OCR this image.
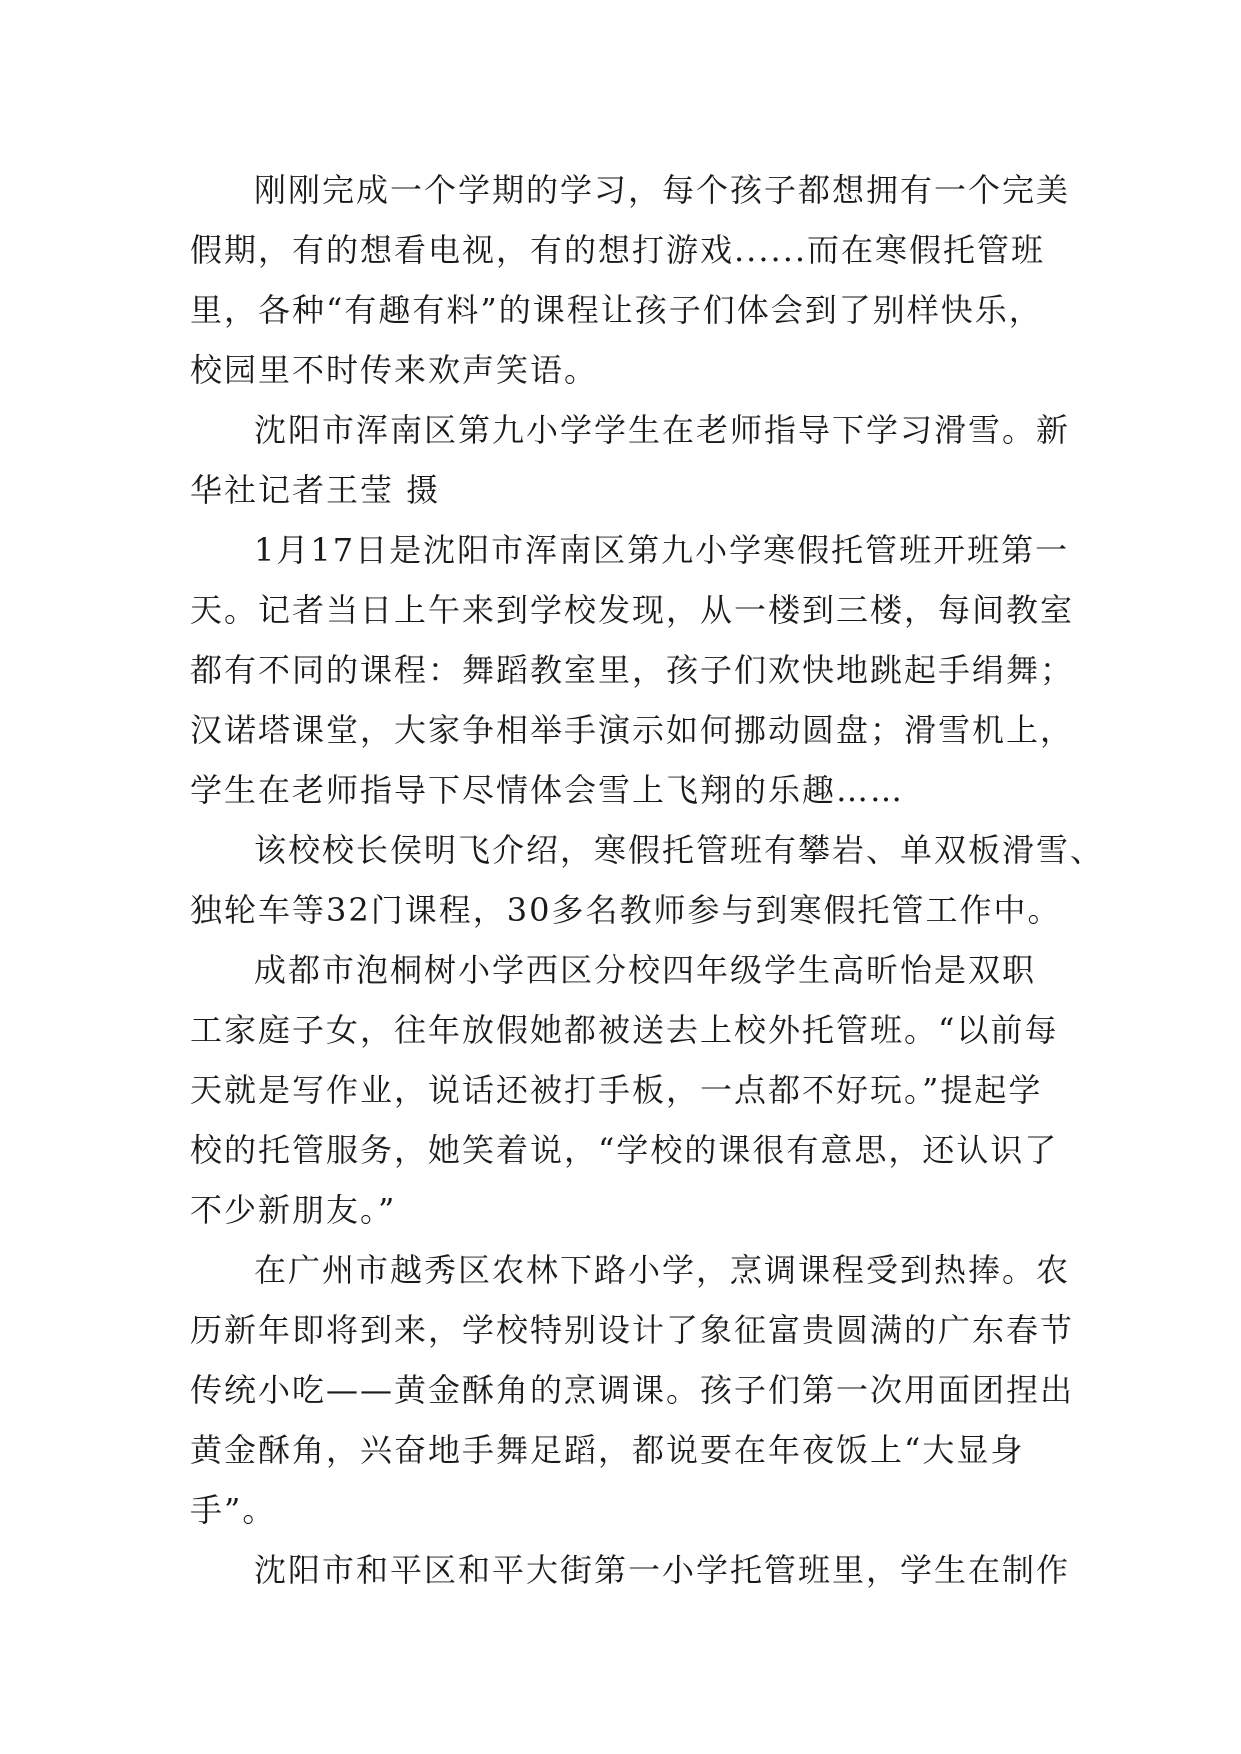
刚刚完成一个学期的学习，每个孩子都想拥有一个完美
假期，有的想看电视，有的想打游戏......而在寒假托管班
里，各种“有趣有料”的课程让孩子们体会到了别样快乐，
校园里不时传来欢声笑语。

沈阳市浑南区第九小学学生在老师指导下学习滑雪。新
华社记者王莹 摄

1月17日是沈阳市浑南区第九小学寒假托管班开班第一
天。记者当日上午来到学校发现，从一楼到三楼，每间教室
都有不同的课程：舞蹈教室里，孩子们欢快地跳起手绢舞；
汉诺塔课堂，大家争相举手演示如何挪动圆盘；滑雪机上，
学生在老师指导下尽情体会雪上飞翔的乐趣……

该校校长侯明飞介绍，寒假托管班有攀岩、单双板滑雪、
独轮车等32门课程，30多名教师参与到寒假托管工作中。

成都市泡桐树小学西区分校四年级学生高昕怡是双职
工家庭子女，往年放假她都被送去上校外托管班。“以前每
天就是写作业，说话还被打手板，一点都不好玩。”提起学
校的托管服务，她笑着说，“学校的课很有意思，还认识了
不少新朋友。”

在广州市越秀区农林下路小学，烹调课程受到热捧。农
历新年即将到来，学校特别设计了象征富贵圆满的广东春节
传统小吃——黄金酥角的烹调课。孩子们第一次用面团捏出
黄金酥角，兴奋地手舞足蹈，都说要在年夜饭上“大显身
手”。

沈阳市和平区和平大街第一小学托管班里，学生在制作
